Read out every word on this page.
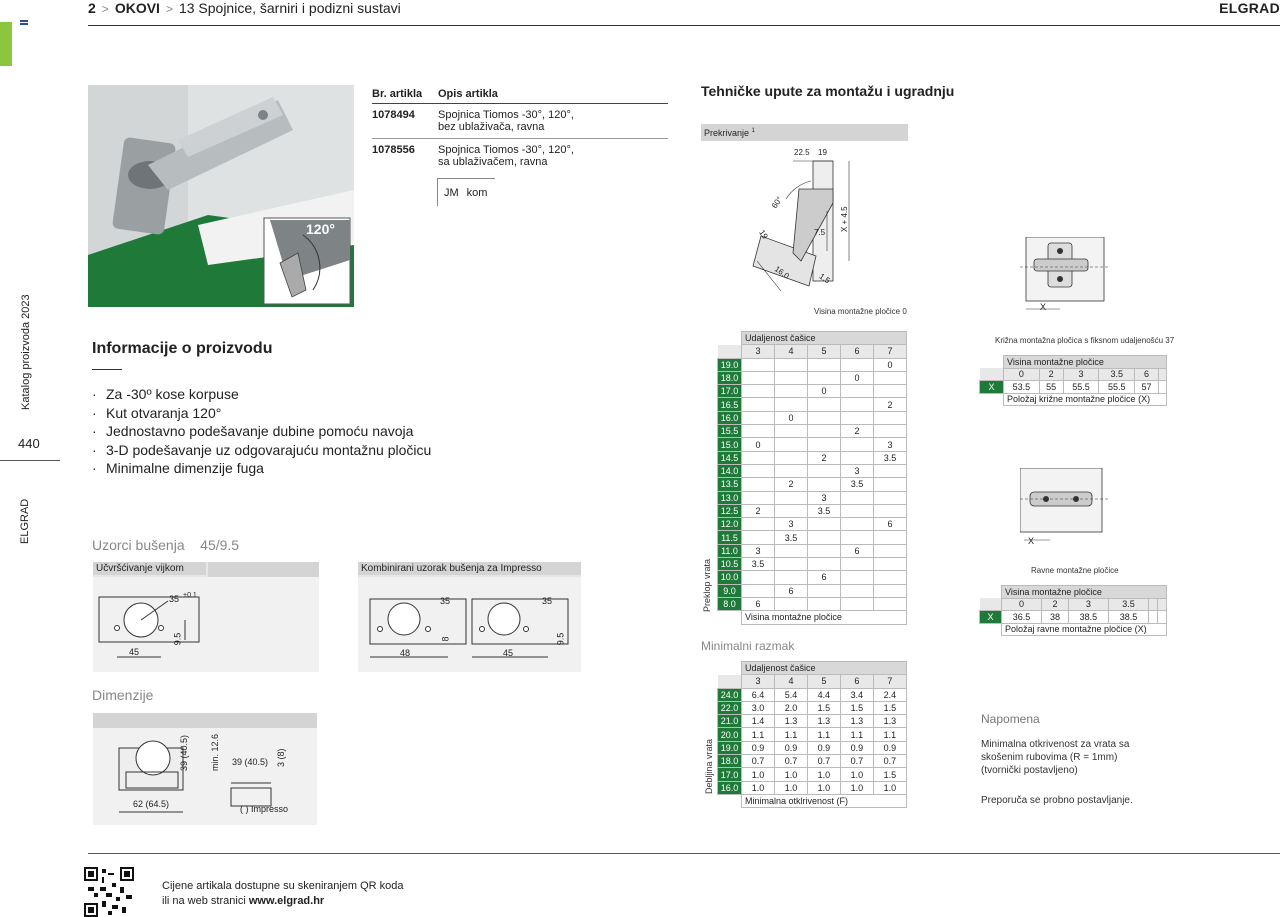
2 > OKOVI > 13 Spojnice, šarniri i podizni sustavi	ELGRAD
Katalog proizvoda 2023
440
ELGRAD
120°
Br. artikla	Opis artikla
1078494	Spojnica Tiomos -30°, 120°,
bez ublaživača, ravna
1078556	Spojnica Tiomos -30°, 120°,
sa ublaživačem, ravna
JM kom
Informacije o proizvodu
· Za -30º kose korpuse
· Kut otvaranja 120°
· Jednostavno podešavanje dubine pomoću navoja
· 3-D podešavanje uz odgovarajuću montažnu pločicu
· Minimalne dimenzije fuga
Uzorci bušenja 45/9.5
Učvršćivanje vijkom
45
35 +0.1
9.5
Kombinirani uzorak bušenja za Impresso
48	45
35	35
8	9.5
Dimenzije
62 (64.5)
39 (40.5) min. 12.6 39 (40.5) 3 (8)
( ) Impresso
Tehničke upute za montažu i ugradnju
Prekrivanje $^1$
22.5 19
60°
X + 4.5
7.5
16.0	1.5
19
Visina montažne pločice 0
	Udaljenost čašice				
	3	4	5	6	7
19.0					0
18.0				0	
17.0			0		
16.5					2
16.0		0			
15.5				2	
15.0	0				3
14.5			2		3.5
14.0				3	
13.5		2		3.5	
13.0			3		
12.5	2		3.5		
12.0		3			6
11.5		3.5			
11.0	3			6	
10.5	3.5				
10.0			6		
9.0		6			
8.0	6				
	Visina montažne pločice				
Preklop vrata
Minimalni razmak
	Udaljenost čašice				
	3	4	5	6	7
24.0	6.4	5.4	4.4	3.4	2.4
22.0	3.0	2.0	1.5	1.5	1.5
21.0	1.4	1.3	1.3	1.3	1.3
20.0	1.1	1.1	1.1	1.1	1.1
19.0	0.9	0.9	0.9	0.9	0.9
18.0	0.7	0.7	0.7	0.7	0.7
17.0	1.0	1.0	1.0	1.0	1.5
16.0	1.0	1.0	1.0	1.0	1.0
	Minimalna otklrivenost (F)				
Debljina vrata
X
Križna montažna pločica s fiksnom udaljenošću 37
	Visina montažne pločice					
	0	2	3	3.5	6	
X	53.5	55	55.5	55.5	57	
	Položaj križne montažne pločice (X)					
X
Ravne montažne pločice
	Visina montažne pločice					
	0	2	3	3.5		
X	36.5	38	38.5	38.5		
	Položaj ravne montažne pločice (X)					
Napomena
Minimalna otkrivenost za vrata sa
skošenim rubovima (R = 1mm)
(tvornički postavljeno)
Preporuča se probno postavljanje.
Cijene artikala dostupne su skeniranjem QR koda
ili na web stranici www.elgrad.hr
